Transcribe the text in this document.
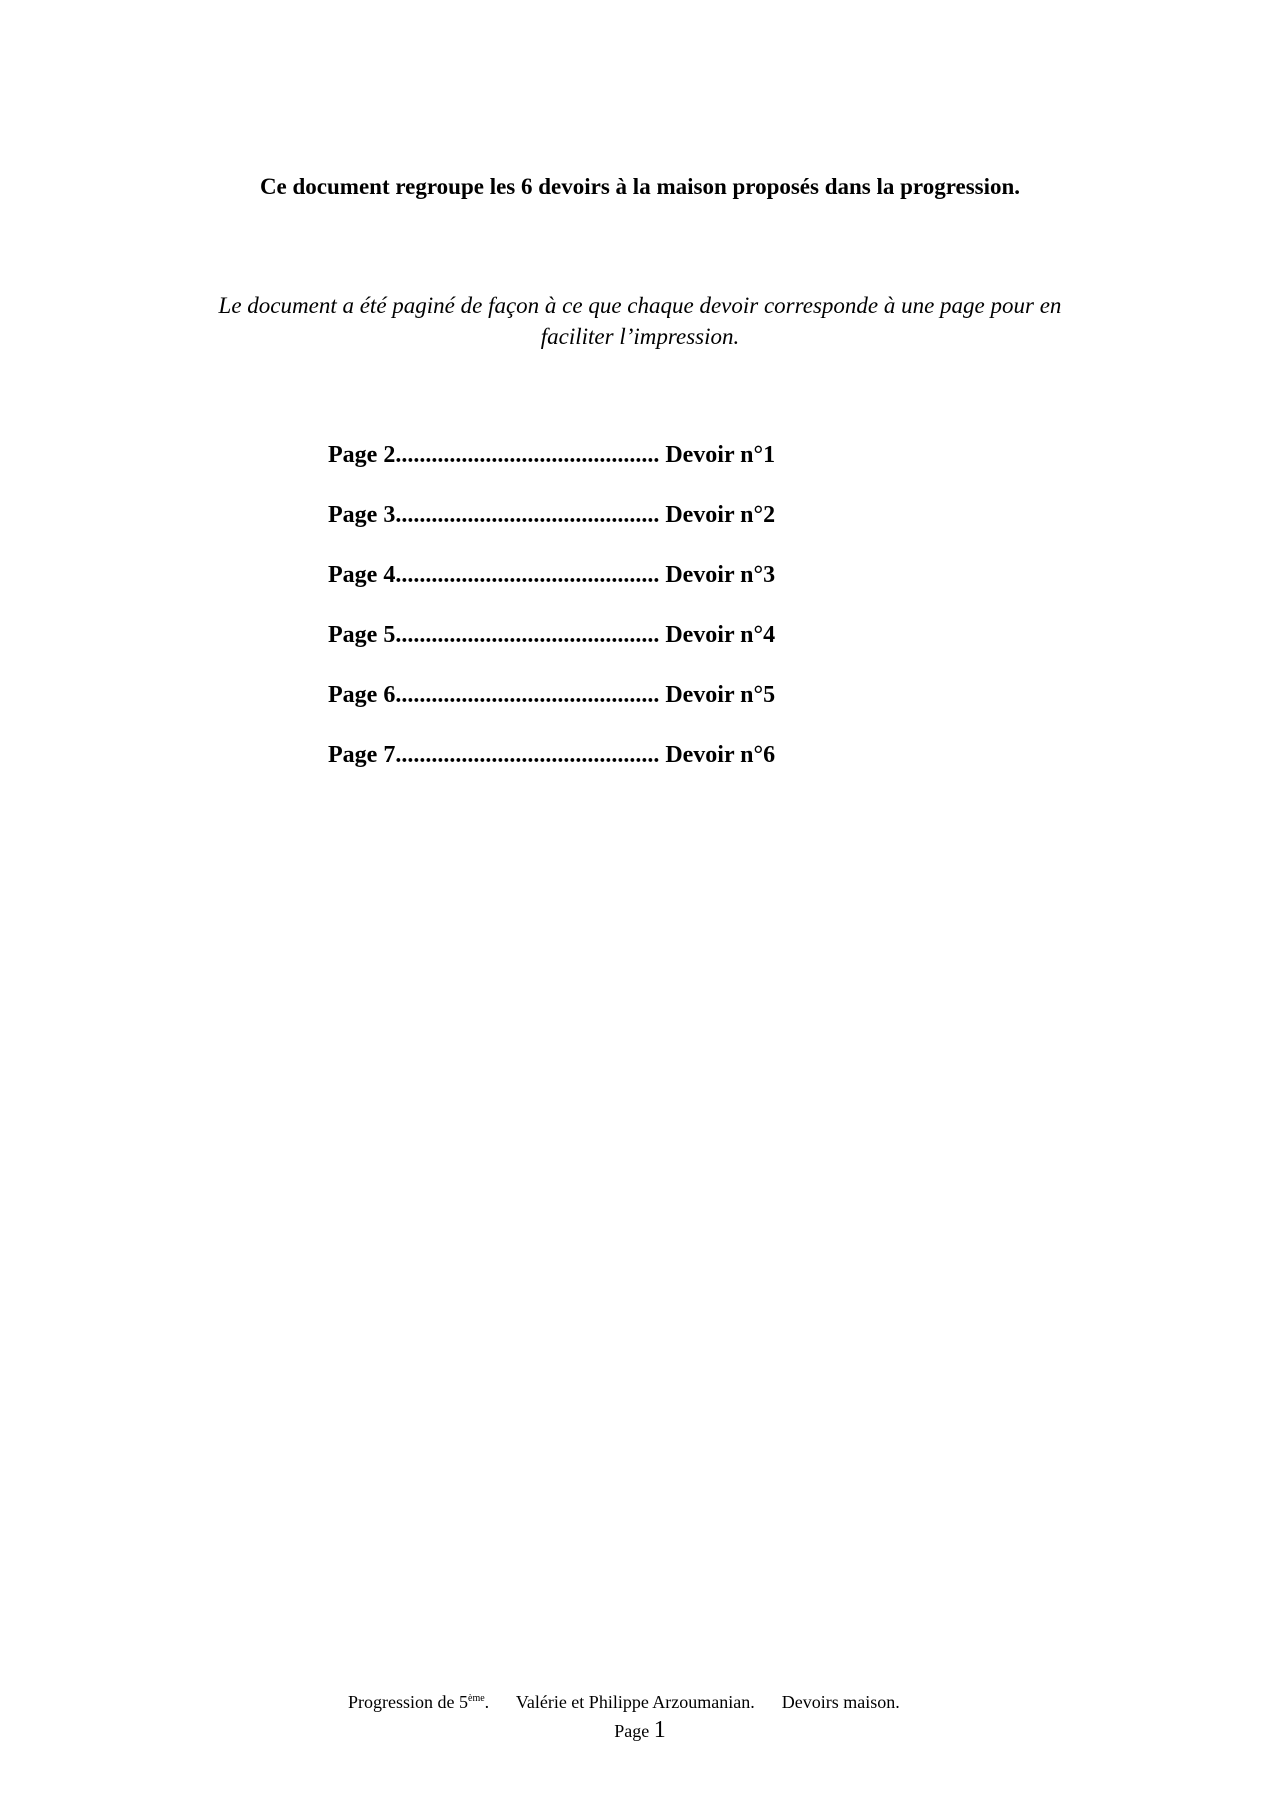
Ce document regroupe les 6 devoirs à la maison proposés dans la progression.
Le document a été paginé de façon à ce que chaque devoir corresponde à une page pour en
faciliter l’impression.
Page 2............................................ Devoir n°1
Page 3............................................ Devoir n°2
Page 4............................................ Devoir n°3
Page 5............................................ Devoir n°4
Page 6............................................ Devoir n°5
Page 7............................................ Devoir n°6
Progression de 5ème. Valérie et Philippe Arzoumanian. Devoirs maison.
Page 1
